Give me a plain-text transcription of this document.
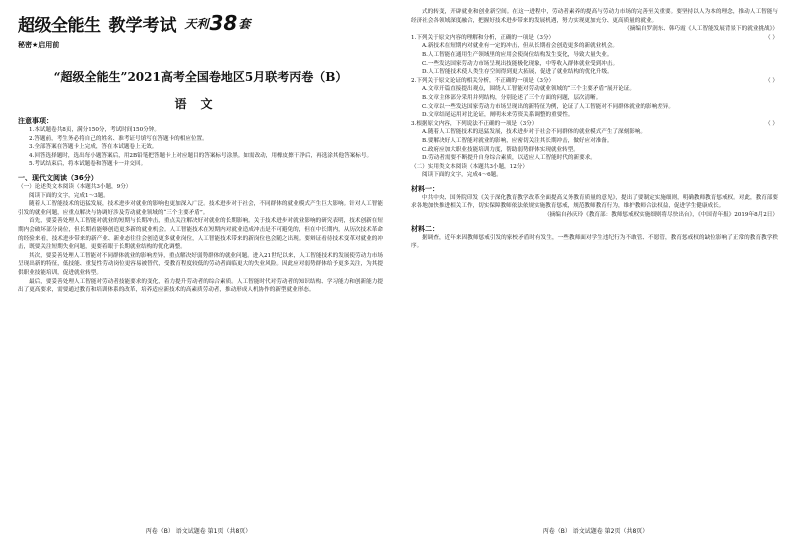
超级全能生 教学考试 天利 38 套
秘密★启用前
“超级全能生”2021高考全国卷地区5月联考丙卷（B）
语文
注意事项：
1.本试题卷共8页，满分150分，考试时间150分钟。
2.答题前，考生务必将自己的姓名、准考证号填写在答题卡的相应位置。
3.全部答案在答题卡上完成，答在本试题卷上无效。
4.回答选择题时，选出每小题答案后，用2B铅笔把答题卡上对应题目的答案标号涂黑。如需改动，用橡皮擦干净后，再选涂其他答案标号。
5.考试结束后，将本试题卷和答题卡一并交回。
一、现代文阅读（36分）
（一）论述类文本阅读（本题共3小题，9分）
阅读下面的文字，完成1～3题。
随着人工智能技术的迅猛发展，技术进步对就业的影响也更加深入广泛。技术进步对于社会，不同群体的就业模式产生巨大影响。针对人工智能引发的就业问题，应重点解决与协调好涉及劳动就业领域的“三个主要矛盾”。
首先，要妥善处理人工智能对就业的短期与长期冲击，重点关注解决好对就业的长期影响。关于技术进步对就业影响的研究表明，技术创新在短期内会破坏部分岗位，但长期看能够创造更多新的就业机会。人工智能技术在短期内对就业造成冲击是不可避免的，但在中长期内，从历次技术革命的经验来看，技术进步带来的新产业、新业态往往会创造更多就业岗位，人工智能技术带来的新岗位也会随之出现。要辩证看待技术变革对就业的冲击，既要关注短期失业问题，更要着眼于长期就业结构的优化调整。
其次，要妥善处理人工智能对不同群体就业的影响差异，重点解决好弱势群体的就业问题。进入21世纪以来，人工智能技术的发展使劳动力市场呈现出新的特征，低技能、重复性劳动岗位更容易被替代，受教育程度较低的劳动者面临更大的失业风险。因此应对弱势群体给予更多关注，为其提供职业技能培训，促进就业转型。
最后，要妥善处理人工智能对劳动者技能要求的变化，着力提升劳动者的综合素质。人工智能时代对劳动者的知识结构、学习能力和创新能力提出了更高要求，需要通过教育和培训体系的改革，培养适应新技术的高素质劳动者，推动形成人机协作的新型就业形态。
丙卷（B） 语文试题卷 第1页（共8页）
式的转变，开辟就业和创业新空间。在这一进程中，劳动者素养的提高与劳动力市场的完善至关重要。要坚持以人为本的理念，推动人工智能与经济社会各领域深度融合，把握好技术进步带来的发展机遇，努力实现更加充分、更高质量的就业。
（摘编自罗润东、韩巧霞《人工智能发展背景下的就业挑战》）
1.下列关于原文内容的理解和分析，正确的一项是（3分）	（ ）
A.新技术在短期内对就业有一定的冲击，但从长期看会创造更多的新就业机会。
B.人工智能在通用生产领域里的应用会使岗位结构发生变化，导致大量失业。
C.一些发达国家劳动力市场呈现出技能极化现象，中等收入群体就业受到冲击。
D.人工智能技术使人类生存空间得到更大拓展，促进了就业结构的优化升级。
2.下列关于原文论证的相关分析，不正确的一项是（3分）	（ ）
A.文章开篇直接提出观点，围绕人工智能对劳动就业领域的“三个主要矛盾”展开论证。
B.文章主体部分采用并列结构，分别论述了三个方面的问题，层次清晰。
C.文章以一些发达国家劳动力市场呈现出的新特征为例，论证了人工智能对不同群体就业的影响差异。
D.文章结尾运用对比论证，阐明未来劳资关系调整的重要性。
3.根据原文内容，下列说法不正确的一项是（3分）	（ ）
A.随着人工智能技术的迅猛发展，技术进步对于社会不同群体的就业模式产生了深刻影响。
B.要解决好人工智能对就业的影响，应密切关注其长期冲击，做好应对准备。
C.政府应加大职业技能培训力度，帮助弱势群体实现就业转型。
D.劳动者需要不断提升自身综合素质，以适应人工智能时代的新要求。
（二）实用类文本阅读（本题共3小题，12分）
阅读下面的文字，完成4～6题。
材料一：
中共中央、国务院印发《关于深化教育教学改革全面提高义务教育质量的意见》，提出了要制定实施细则，明确教师教育惩戒权。对此，教育部要求各地加快推进相关工作，切实保障教师依法依规实施教育惩戒，规范教师教育行为，维护教师合法权益，促进学生健康成长。
（摘编自孙庆玲《教育部：教师惩戒权实施细则将尽快出台》，《中国青年报》2019年8月2日）
材料二：
据调查，近年来因教师惩戒引发的家校矛盾时有发生，一些教师面对学生违纪行为不敢管、不愿管，教育惩戒权的缺位影响了正常的教育教学秩序。
丙卷（B） 语文试题卷 第2页（共8页）
